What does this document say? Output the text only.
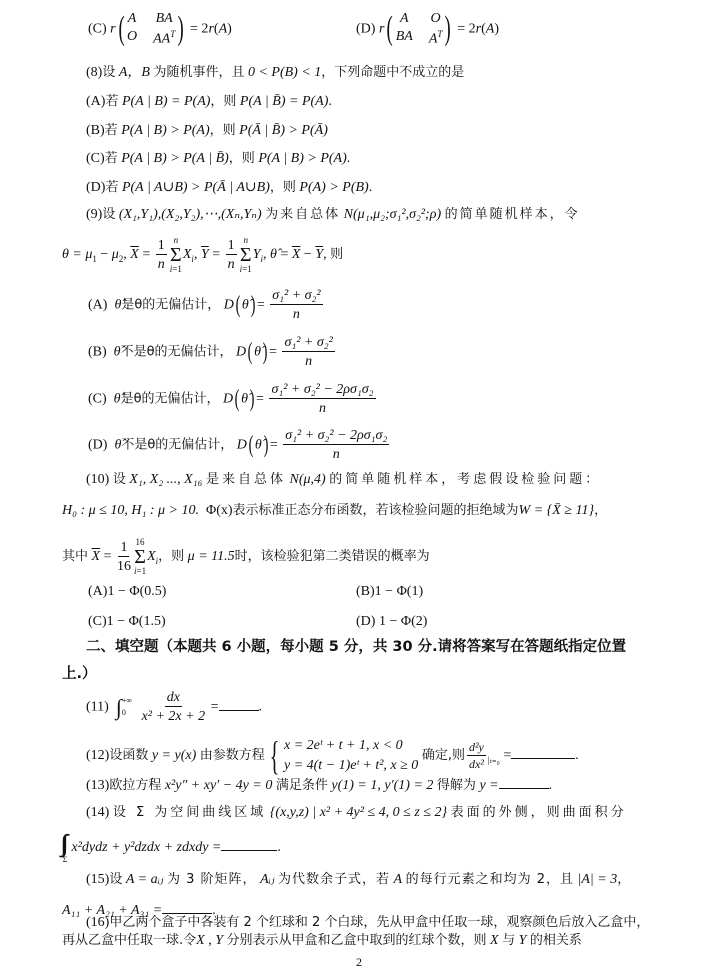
(C) r( A BA
O $AA^T$ ) = 2r(A)	(D) r( A	O
BA $A^T$ ) = 2r(A)
(8)设 A，B 为随机事件，且 0 < P(B) < 1，下列命题中不成立的是
(A)若 P(A | B) = P(A)，则 P(A | B̄) = P(A).
(B)若 P(A | B) > P(A)，则 P(Ā | B̄) > P(Ā)
(C)若 P(A | B) > P(A | B̄)，则 P(A | B) > P(A).
(D)若 P(A | A∪B) > P(Ā | A∪B)，则 P(A) > P(B).
(9)设 (X₁,Y₁),(X₂,Y₂),⋯,(Xₙ,Yₙ) 为来自总体 N(μ₁,μ₂;σ₁²,σ₂²;ρ) 的简单随机样本，令
$\theta = \mu_1 - \mu_2$, $\overline{X} = \frac{1}{n}$ n
Σ
i=1
$X_i$, $\overline{Y} = \frac{1}{n}$ n
Σ
i=1
$Y_i$, θ̂ = $\overline{X} - \overline{Y}$, 则
(A) θ̂是θ的无偏估计， D( θ̂) = $\frac{\text{σ₁² + σ₂²}}{n}$
(B) θ̂不是θ的无偏估计， D( θ̂) = $\frac{\text{σ₁² + σ₂²}}{n}$
(C) θ̂是θ的无偏估计， D( θ̂) = $\frac{\text{σ₁² + σ₂² − 2ρσ₁σ₂}}{n}$
(D) θ̂不是θ的无偏估计， D( θ̂) = $\frac{\text{σ₁² + σ₂² − 2ρσ₁σ₂}}{n}$
(10) 设 X₁, X₂ ..., X₁₆ 是来自总体 N(μ,4) 的简单随机样本，考虑假设检验问题：
H₀ : μ ≤ 10, H₁ : μ > 10. Φ(x)表示标准正态分布函数，若该检验问题的拒绝域为W = {X̄ ≥ 11}，
其中 $\overline{X} = \frac{1}{16} 16$
Σ
i=1
$X_i$，则 μ = 11.5时，该检验犯第二类错误的概率为
(A)1 − Φ(0.5)	(B)1 − Φ(1)
(C)1 − Φ(1.5)	(D) 1 − Φ(2)
二、填空题（本题共 6 小题，每小题 5 分，共 30 分.请将答案写在答题纸指定位置
上.）
(11) ∫ +∞
0
	$\frac{dx}{\text{x² + 2x + 2}}$ =	.
(12)设函数 y = y(x) 由参数方程 { x = 2eᵗ + t + 1, x < 0
y = 4(t − 1)eᵗ + t², x ≥ 0
确定,则 $\frac{\text{d²y}}{\text{dx²}} _{|_{t=0}}$ =	.
(13)欧拉方程 x²y″ + xy′ − 4y = 0 满足条件 y(1) = 1, y′(1) = 2 得解为 y =	.
(14) 设 Σ 为空间曲线区域 {(x,y,z) | x² + 4y² ≤ 4, 0 ≤ z ≤ 2} 表面的外侧，则曲面积分
Σ
x²dydz + y²dzdx + zdxdy =	.
(15)设 A = aᵢⱼ 为 3 阶矩阵， Aᵢⱼ 为代数余子式，若 A 的每行元素之和均为 2，且 |A| = 3，
A₁₁ + A₂₁ + A₃₁ =	.
(16)甲乙两个盒子中各装有 2 个红球和 2 个白球，先从甲盒中任取一球，观察颜色后放入乙盒中，
再从乙盒中任取一球.令X , Y 分别表示从甲盒和乙盒中取到的红球个数，则 X 与 Y 的相关系
2
